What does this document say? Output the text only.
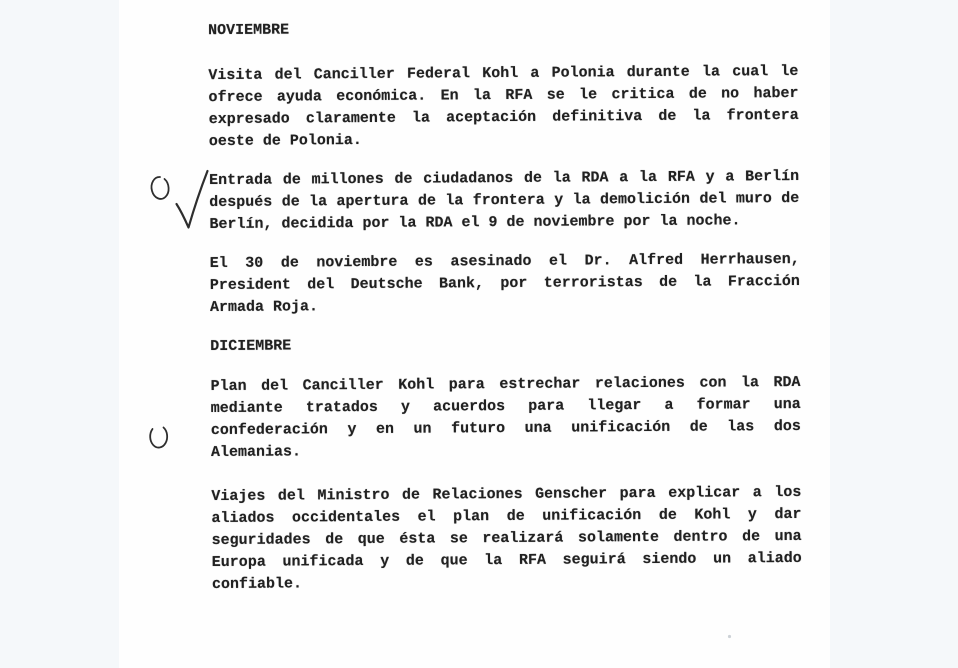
NOVIEMBRE
Visita del Canciller Federal Kohl a Polonia durante la cual le
ofrece ayuda económica. En la RFA se le critica de no haber
expresado claramente la aceptación definitiva de la frontera
oeste de Polonia.
Entrada de millones de ciudadanos de la RDA a la RFA y a Berlín
después de la apertura de la frontera y la demolición del muro de
Berlín, decidida por la RDA el 9 de noviembre por la noche.
El 30 de noviembre es asesinado el Dr. Alfred Herrhausen,
President del Deutsche Bank, por terroristas de la Fracción
Armada Roja.
DICIEMBRE
Plan del Canciller Kohl para estrechar relaciones con la RDA
mediante tratados y acuerdos para llegar a formar una
confederación y en un futuro una unificación de las dos
Alemanias.
Viajes del Ministro de Relaciones Genscher para explicar a los
aliados occidentales el plan de unificación de Kohl y dar
seguridades de que ésta se realizará solamente dentro de una
Europa unificada y de que la RFA seguirá siendo un aliado
confiable.
